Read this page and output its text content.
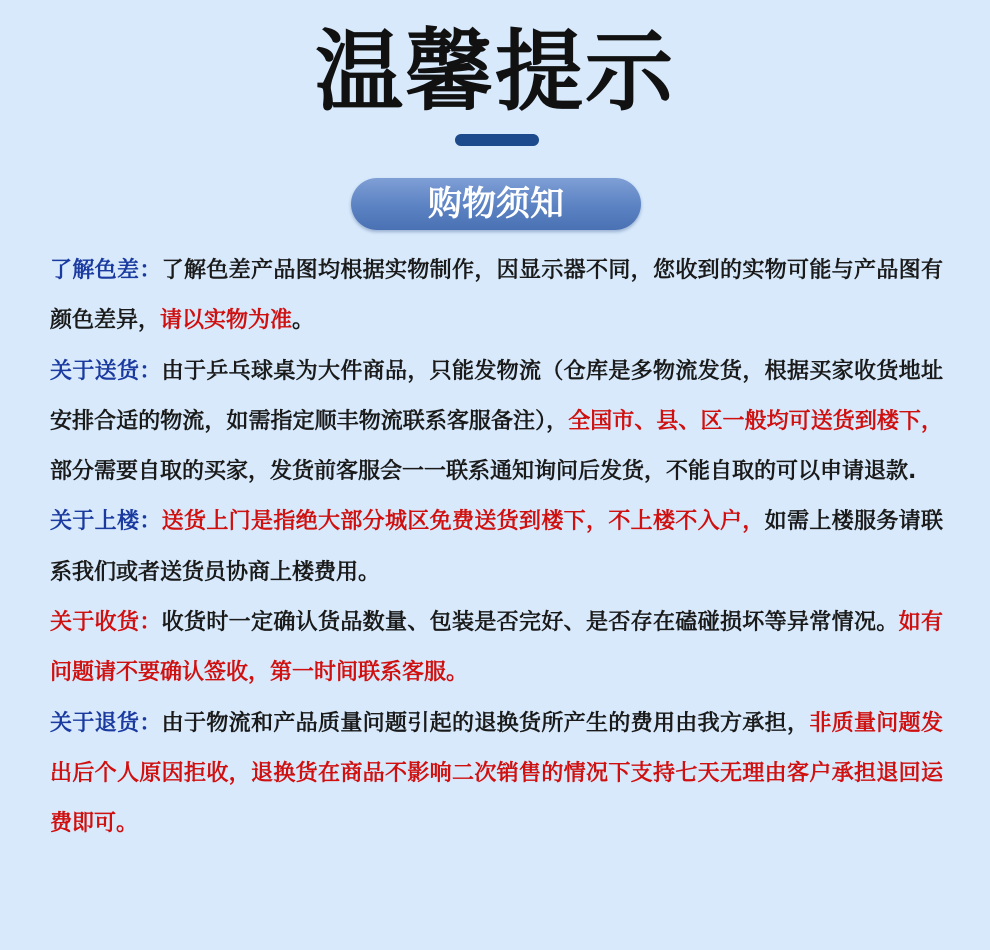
温馨提示
购物须知

了解色差：了解色差产品图均根据实物制作，因显示器不同，您收到的实物可能与产品图有颜色差异，请以实物为准。

关于送货：由于乒乓球桌为大件商品，只能发物流（仓库是多物流发货，根据买家收货地址安排合适的物流，如需指定顺丰物流联系客服备注），全国市、县、区一般均可送货到楼下，部分需要自取的买家，发货前客服会一一联系通知询问后发货，不能自取的可以申请退款.

关于上楼：送货上门是指绝大部分城区免费送货到楼下，不上楼不入户，如需上楼服务请联系我们或者送货员协商上楼费用。

关于收货：收货时一定确认货品数量、包装是否完好、是否存在磕碰损坏等异常情况。如有问题请不要确认签收，第一时间联系客服。

关于退货：由于物流和产品质量问题引起的退换货所产生的费用由我方承担，非质量问题发出后个人原因拒收，退换货在商品不影响二次销售的情况下支持七天无理由客户承担退回运费即可。
